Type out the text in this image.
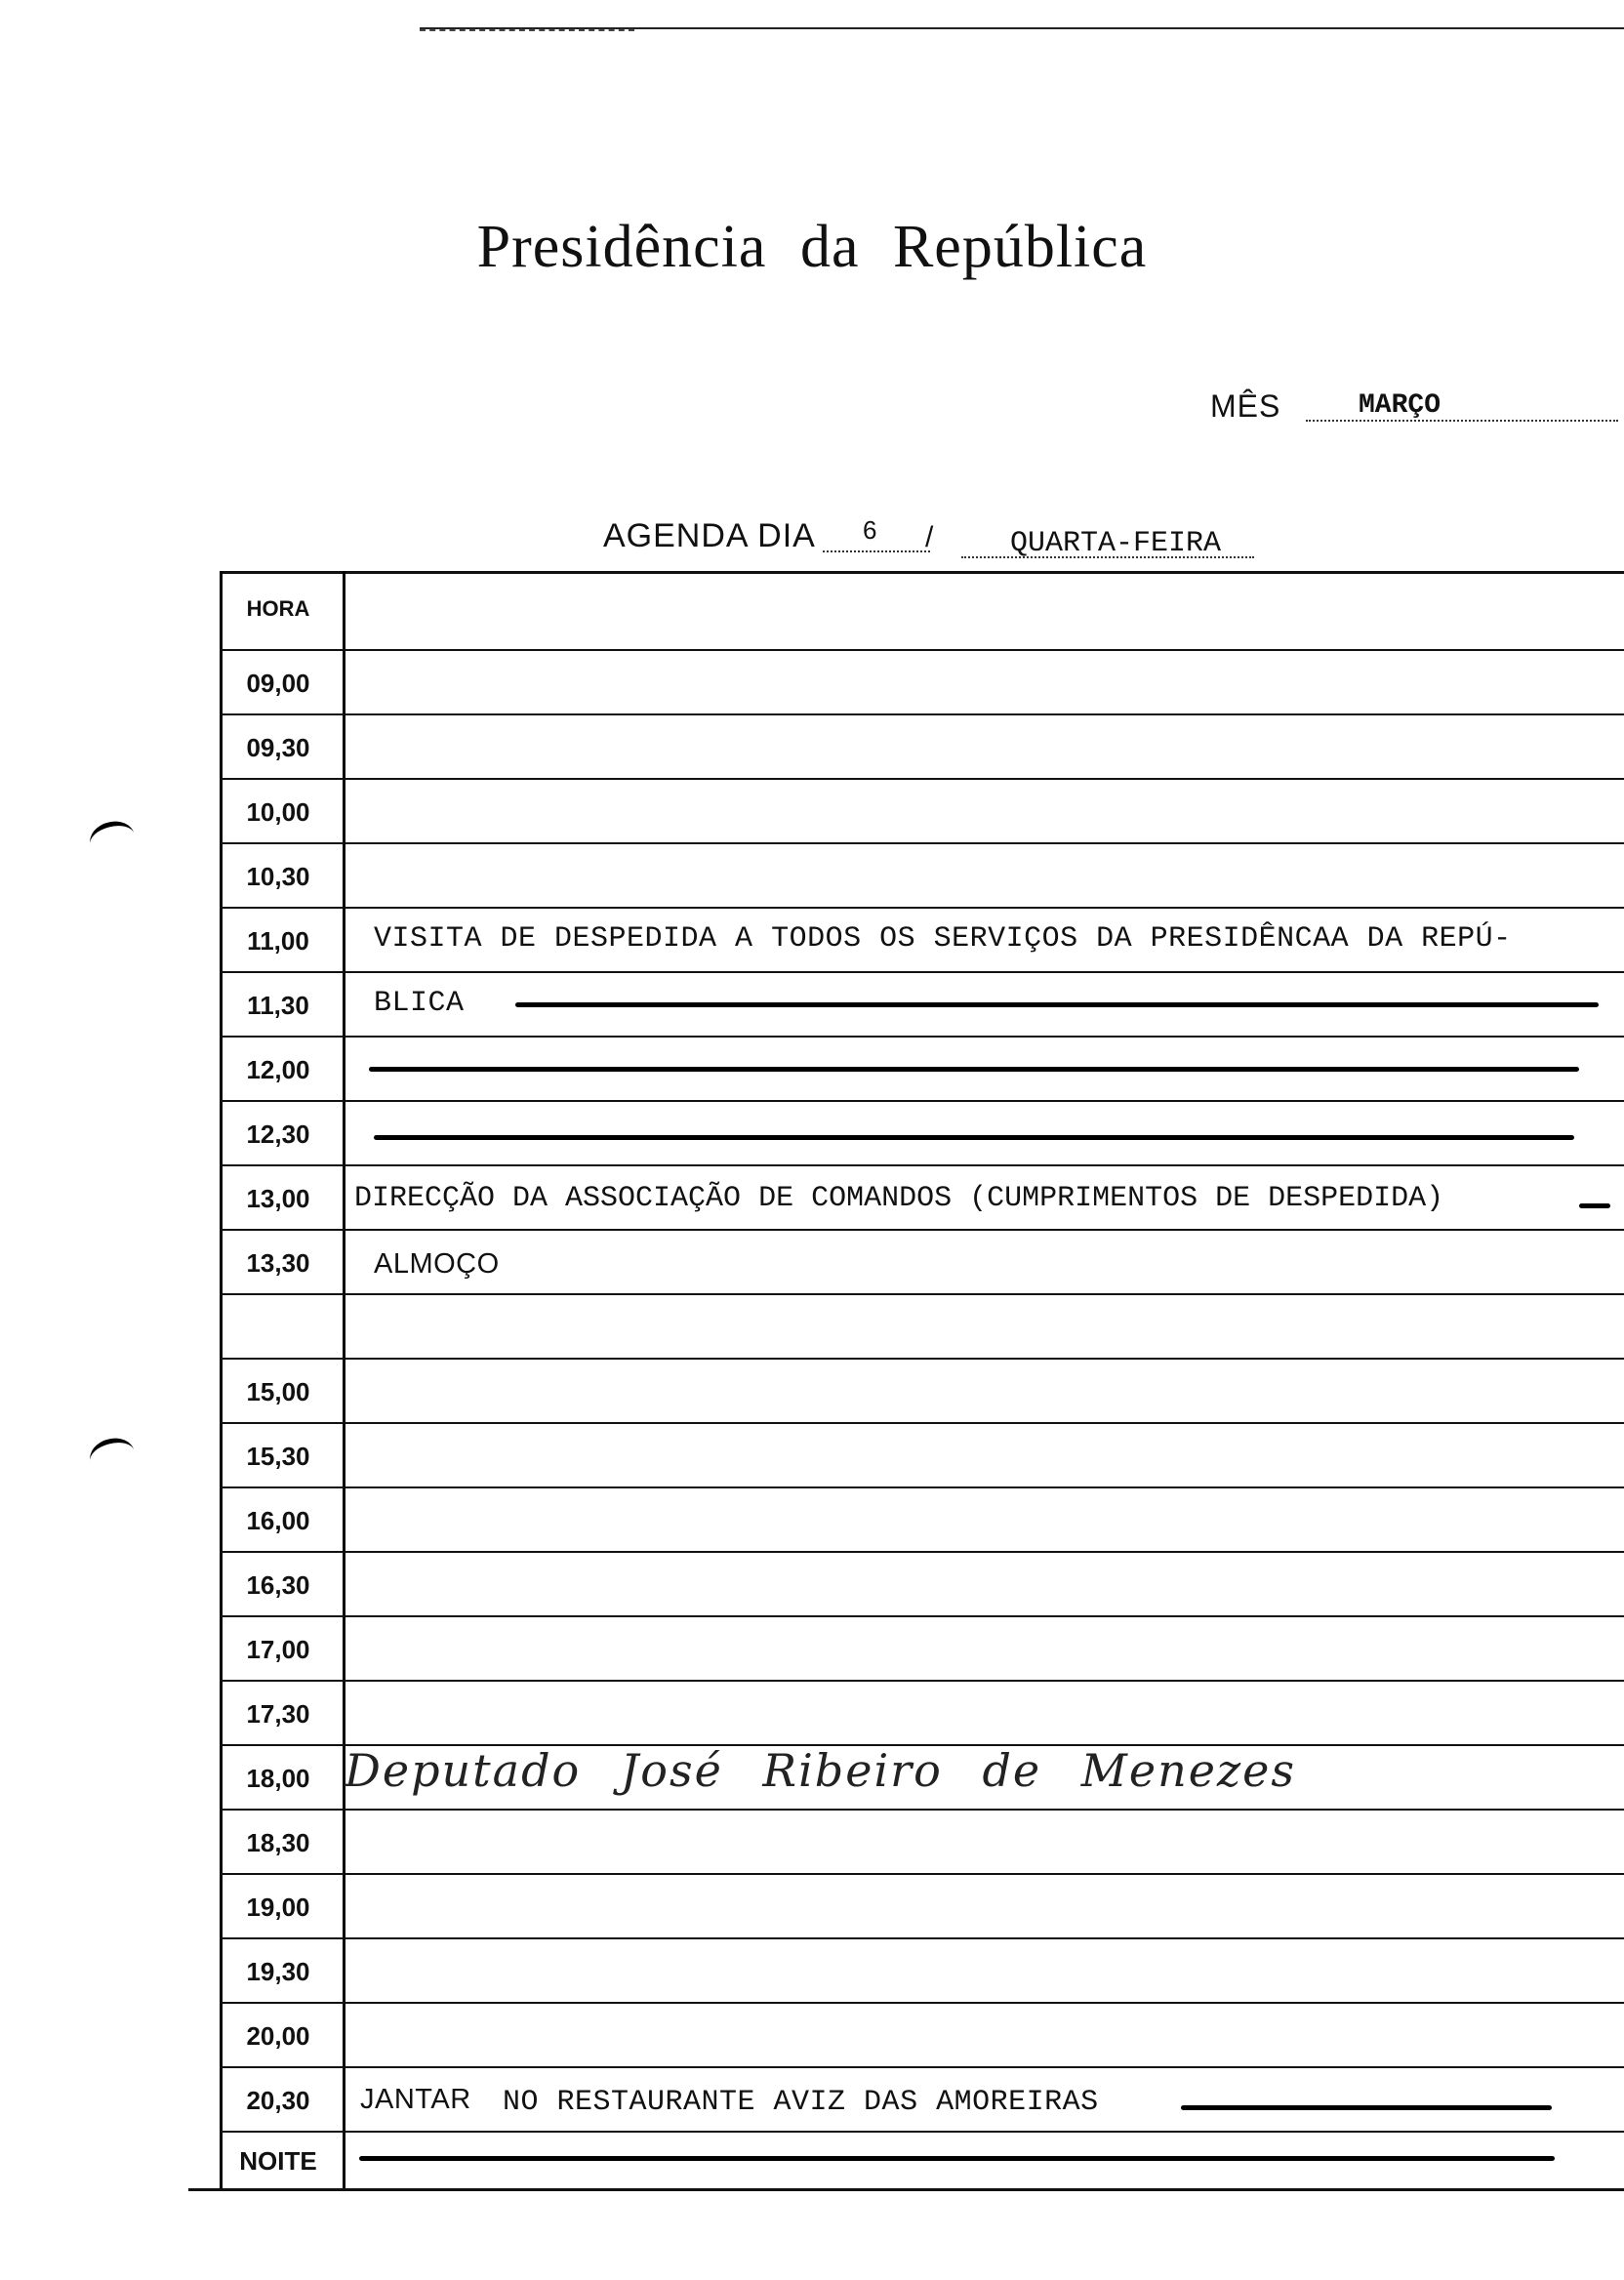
Presidência da República
MÊS	MARÇO
AGENDA DIA 6 /	QUARTA-FEIRA
HORA
09,00
09,30
10,00
10,30
11,00	VISITA DE DESPEDIDA A TODOS OS SERVIÇOS DA PRESIDÊNCAA DA REPÚ-
11,30	BLICA
12,00
12,30
13,00	DIRECÇÃO DA ASSOCIAÇÃO DE COMANDOS (CUMPRIMENTOS DE DESPEDIDA)
13,30	ALMOÇO
15,00
15,30
16,00
16,30
17,00
17,30
18,00 Deputado José Ribeiro de Menezes
18,30
19,00
19,30
20,00
20,30	JANTAR NO RESTAURANTE AVIZ DAS AMOREIRAS
NOITE
